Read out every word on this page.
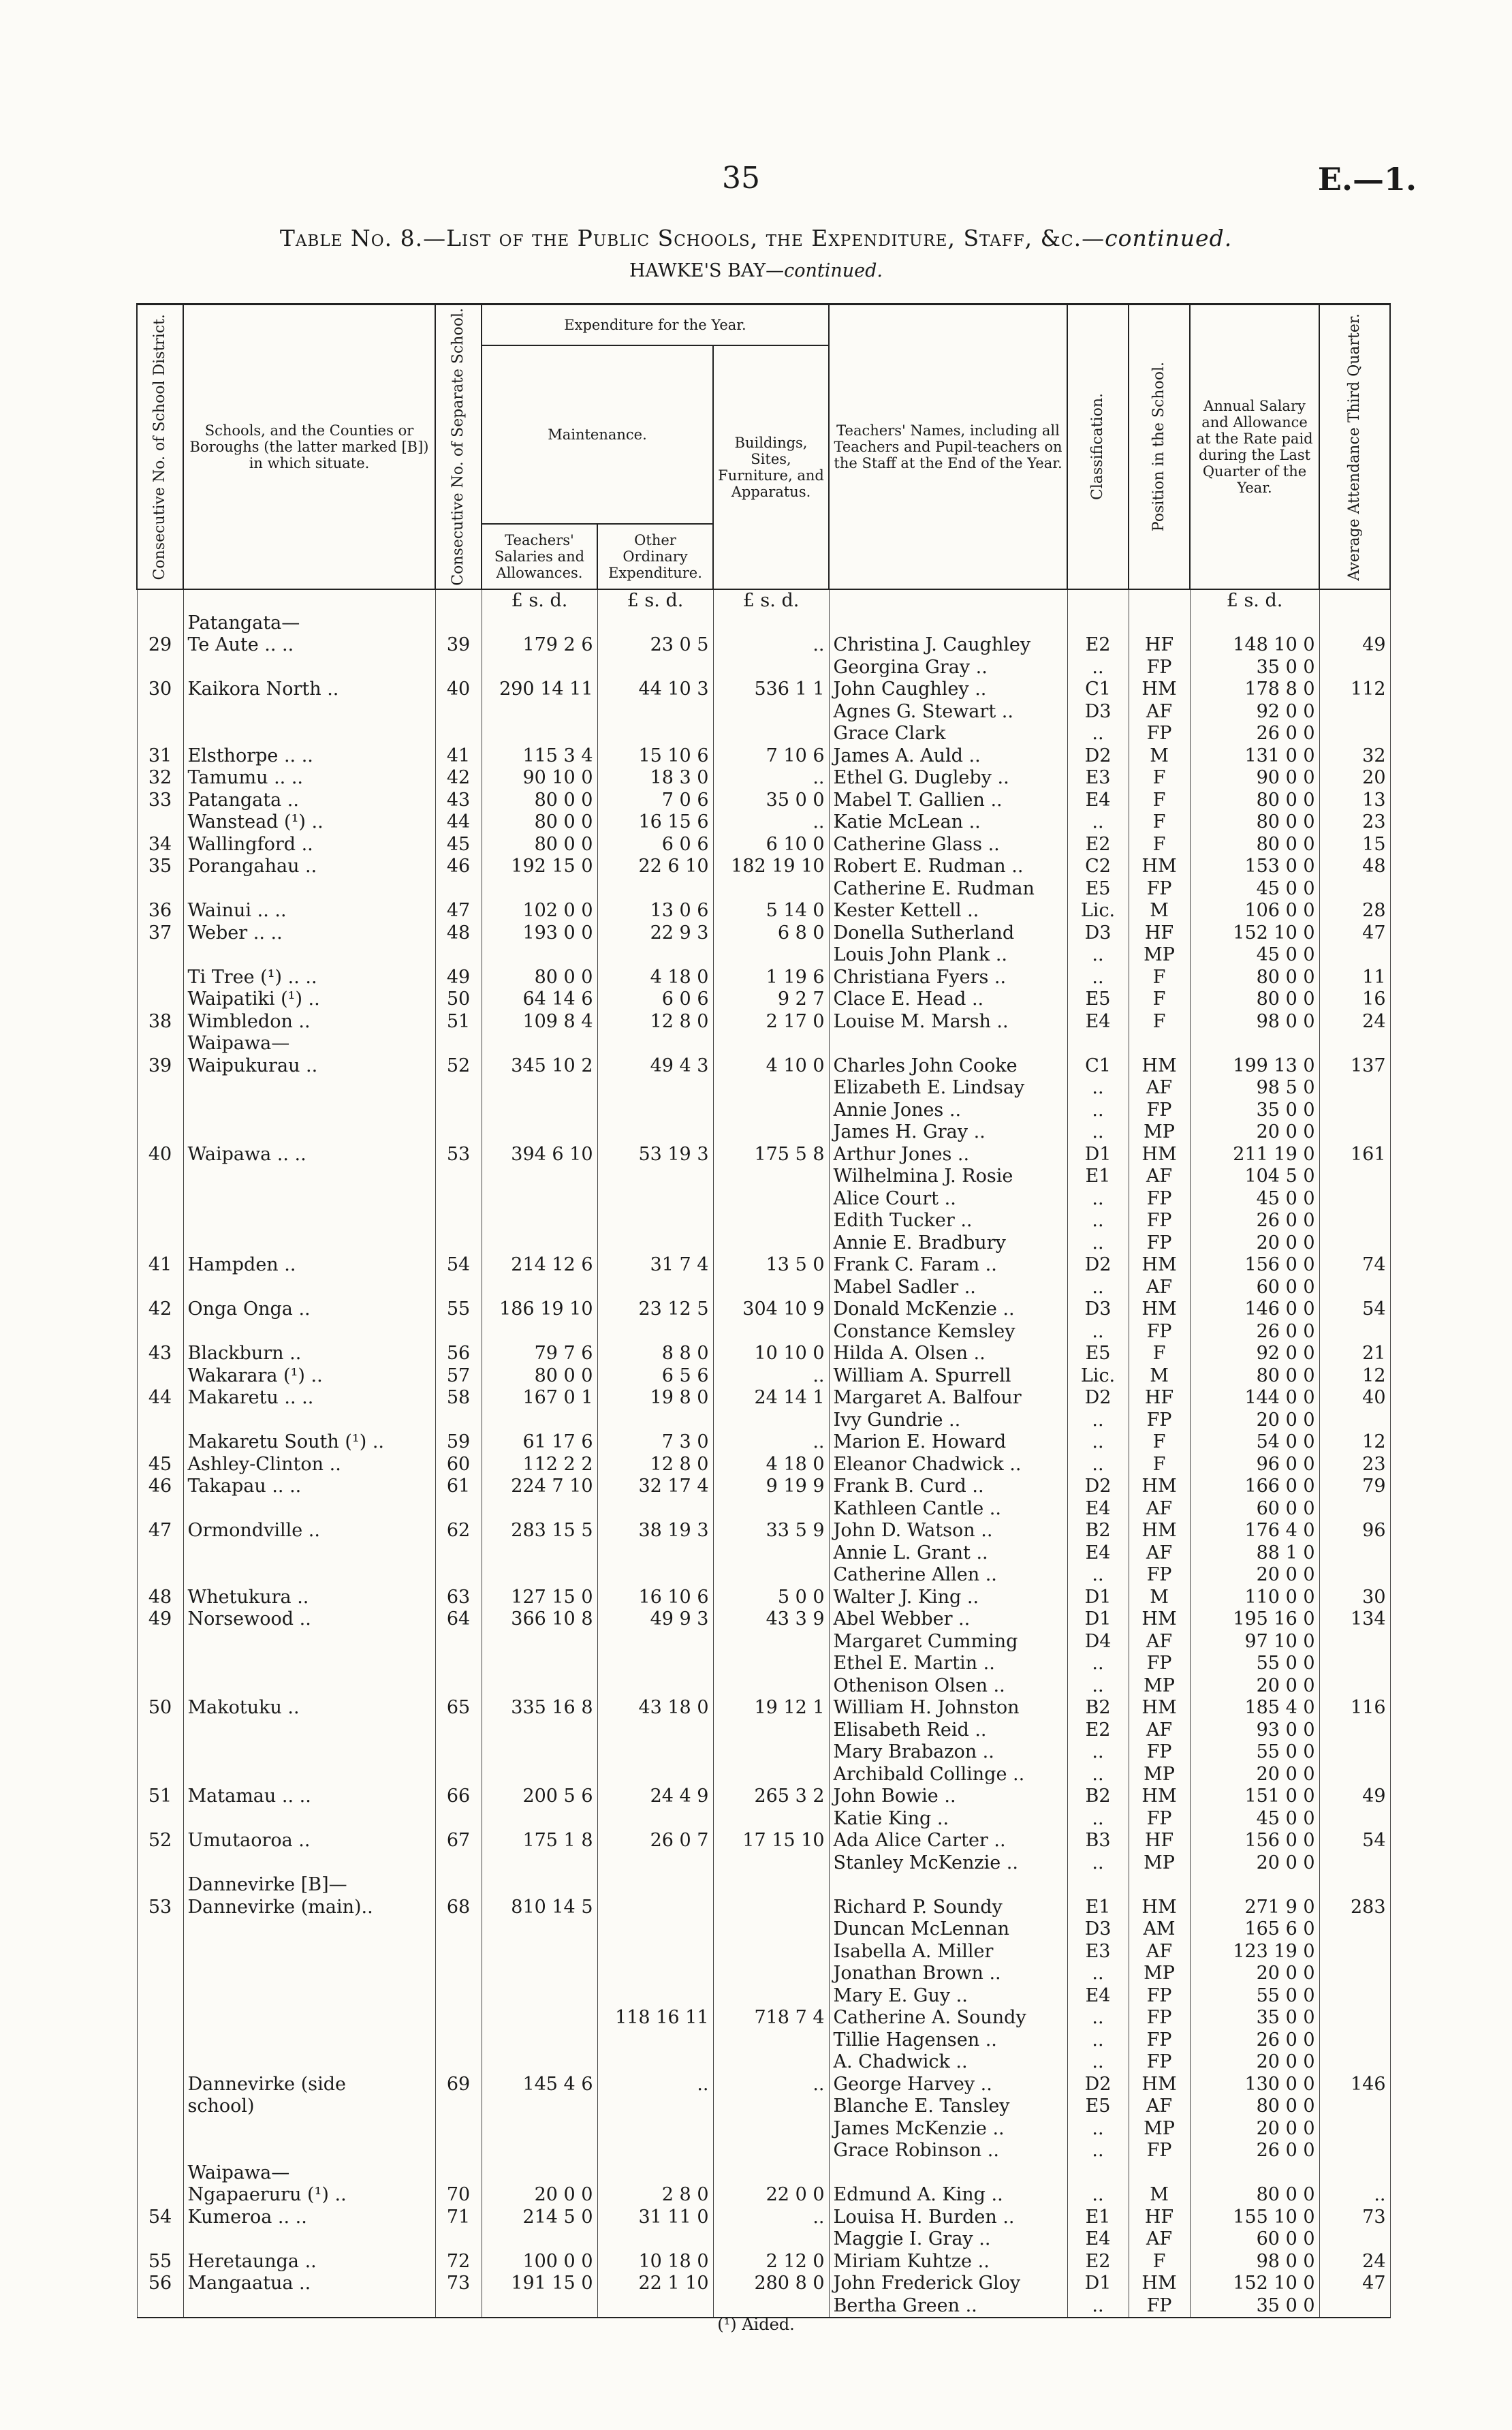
35	E.—1.
Table No. 8.—List of the Public Schools, the Expenditure, Staff, &c.—continued.
HAWKE'S BAY—continued.
Consecutive No. of School District.	Schools, and the Counties or Boroughs (the latter marked [B]) in which situate.	Consecutive No. of Separate School.	Expenditure for the Year.			Teachers' Names, including all Teachers and Pupil-teachers on the Staff at the End of the Year.	Classification.	Position in the School.	Annual Salary and Allowance at the Rate paid during the Last Quarter of the Year.	Average Attendance Third Quarter.

			Maintenance.		Buildings, Sites, Furniture, and Apparatus.					
			Teachers' Salaries and Allowances.	Other Ordinary Expenditure.						
			£ s. d.	£ s. d.	£ s. d.				£ s. d.	
	Patangata—									
29	Te Aute .. ..	39	179 2 6	23 0 5	..	Christina J. Caughley	E2	HF	148 10 0	49
						Georgina Gray ..	..	FP	35 0 0	
30	Kaikora North ..	40	290 14 11	44 10 3	536 1 1	John Caughley ..	C1	HM	178 8 0	112
						Agnes G. Stewart ..	D3	AF	92 0 0	
						Grace Clark	..	FP	26 0 0	
31	Elsthorpe .. ..	41	115 3 4	15 10 6	7 10 6	James A. Auld ..	D2	M	131 0 0	32
32	Tamumu .. ..	42	90 10 0	18 3 0	..	Ethel G. Dugleby ..	E3	F	90 0 0	20
33	Patangata ..	43	80 0 0	7 0 6	35 0 0	Mabel T. Gallien ..	E4	F	80 0 0	13
	Wanstead (¹) ..	44	80 0 0	16 15 6	..	Katie McLean ..	..	F	80 0 0	23
34	Wallingford ..	45	80 0 0	6 0 6	6 10 0	Catherine Glass ..	E2	F	80 0 0	15
35	Porangahau ..	46	192 15 0	22 6 10	182 19 10	Robert E. Rudman ..	C2	HM	153 0 0	48
						Catherine E. Rudman	E5	FP	45 0 0	
36	Wainui .. ..	47	102 0 0	13 0 6	5 14 0	Kester Kettell ..	Lic.	M	106 0 0	28
37	Weber .. ..	48	193 0 0	22 9 3	6 8 0	Donella Sutherland	D3	HF	152 10 0	47
						Louis John Plank ..	..	MP	45 0 0	
	Ti Tree (¹) .. ..	49	80 0 0	4 18 0	1 19 6	Christiana Fyers ..	..	F	80 0 0	11
	Waipatiki (¹) ..	50	64 14 6	6 0 6	9 2 7	Clace E. Head ..	E5	F	80 0 0	16
38	Wimbledon ..	51	109 8 4	12 8 0	2 17 0	Louise M. Marsh ..	E4	F	98 0 0	24
	Waipawa—									
39	Waipukurau ..	52	345 10 2	49 4 3	4 10 0	Charles John Cooke	C1	HM	199 13 0	137
						Elizabeth E. Lindsay	..	AF	98 5 0	
						Annie Jones ..	..	FP	35 0 0	
						James H. Gray ..	..	MP	20 0 0	
40	Waipawa .. ..	53	394 6 10	53 19 3	175 5 8	Arthur Jones ..	D1	HM	211 19 0	161
						Wilhelmina J. Rosie	E1	AF	104 5 0	
						Alice Court ..	..	FP	45 0 0	
						Edith Tucker ..	..	FP	26 0 0	
						Annie E. Bradbury	..	FP	20 0 0	
41	Hampden ..	54	214 12 6	31 7 4	13 5 0	Frank C. Faram ..	D2	HM	156 0 0	74
						Mabel Sadler ..	..	AF	60 0 0	
42	Onga Onga ..	55	186 19 10	23 12 5	304 10 9	Donald McKenzie ..	D3	HM	146 0 0	54
						Constance Kemsley	..	FP	26 0 0	
43	Blackburn ..	56	79 7 6	8 8 0	10 10 0	Hilda A. Olsen ..	E5	F	92 0 0	21
	Wakarara (¹) ..	57	80 0 0	6 5 6	..	William A. Spurrell	Lic.	M	80 0 0	12
44	Makaretu .. ..	58	167 0 1	19 8 0	24 14 1	Margaret A. Balfour	D2	HF	144 0 0	40
						Ivy Gundrie ..	..	FP	20 0 0	
	Makaretu South (¹) ..	59	61 17 6	7 3 0	..	Marion E. Howard	..	F	54 0 0	12
45	Ashley-Clinton ..	60	112 2 2	12 8 0	4 18 0	Eleanor Chadwick ..	..	F	96 0 0	23
46	Takapau .. ..	61	224 7 10	32 17 4	9 19 9	Frank B. Curd ..	D2	HM	166 0 0	79
						Kathleen Cantle ..	E4	AF	60 0 0	
47	Ormondville ..	62	283 15 5	38 19 3	33 5 9	John D. Watson ..	B2	HM	176 4 0	96
						Annie L. Grant ..	E4	AF	88 1 0	
						Catherine Allen ..	..	FP	20 0 0	
48	Whetukura ..	63	127 15 0	16 10 6	5 0 0	Walter J. King ..	D1	M	110 0 0	30
49	Norsewood ..	64	366 10 8	49 9 3	43 3 9	Abel Webber ..	D1	HM	195 16 0	134
						Margaret Cumming	D4	AF	97 10 0	
						Ethel E. Martin ..	..	FP	55 0 0	
						Othenison Olsen ..	..	MP	20 0 0	
50	Makotuku ..	65	335 16 8	43 18 0	19 12 1	William H. Johnston	B2	HM	185 4 0	116
						Elisabeth Reid ..	E2	AF	93 0 0	
						Mary Brabazon ..	..	FP	55 0 0	
						Archibald Collinge ..	..	MP	20 0 0	
51	Matamau .. ..	66	200 5 6	24 4 9	265 3 2	John Bowie ..	B2	HM	151 0 0	49
						Katie King ..	..	FP	45 0 0	
52	Umutaoroa ..	67	175 1 8	26 0 7	17 15 10	Ada Alice Carter ..	B3	HF	156 0 0	54
						Stanley McKenzie ..	..	MP	20 0 0	
	Dannevirke [B]—									
53	Dannevirke (main)..	68	810 14 5			Richard P. Soundy	E1	HM	271 9 0	283
						Duncan McLennan	D3	AM	165 6 0	
						Isabella A. Miller	E3	AF	123 19 0	
						Jonathan Brown ..	..	MP	20 0 0	
						Mary E. Guy ..	E4	FP	55 0 0	
				118 16 11	718 7 4	Catherine A. Soundy	..	FP	35 0 0	
						Tillie Hagensen ..	..	FP	26 0 0	
						A. Chadwick ..	..	FP	20 0 0	
	Dannevirke (side	69	145 4 6	..	..	George Harvey ..	D2	HM	130 0 0	146
	school)					Blanche E. Tansley	E5	AF	80 0 0	
						James McKenzie ..	..	MP	20 0 0	
						Grace Robinson ..	..	FP	26 0 0	
	Waipawa—									
	Ngapaeruru (¹) ..	70	20 0 0	2 8 0	22 0 0	Edmund A. King ..	..	M	80 0 0	..
54	Kumeroa .. ..	71	214 5 0	31 11 0	..	Louisa H. Burden ..	E1	HF	155 10 0	73
						Maggie I. Gray ..	E4	AF	60 0 0	
55	Heretaunga ..	72	100 0 0	10 18 0	2 12 0	Miriam Kuhtze ..	E2	F	98 0 0	24
56	Mangaatua ..	73	191 15 0	22 1 10	280 8 0	John Frederick Gloy	D1	HM	152 10 0	47
						Bertha Green ..	..	FP	35 0 0	
(¹) Aided.
